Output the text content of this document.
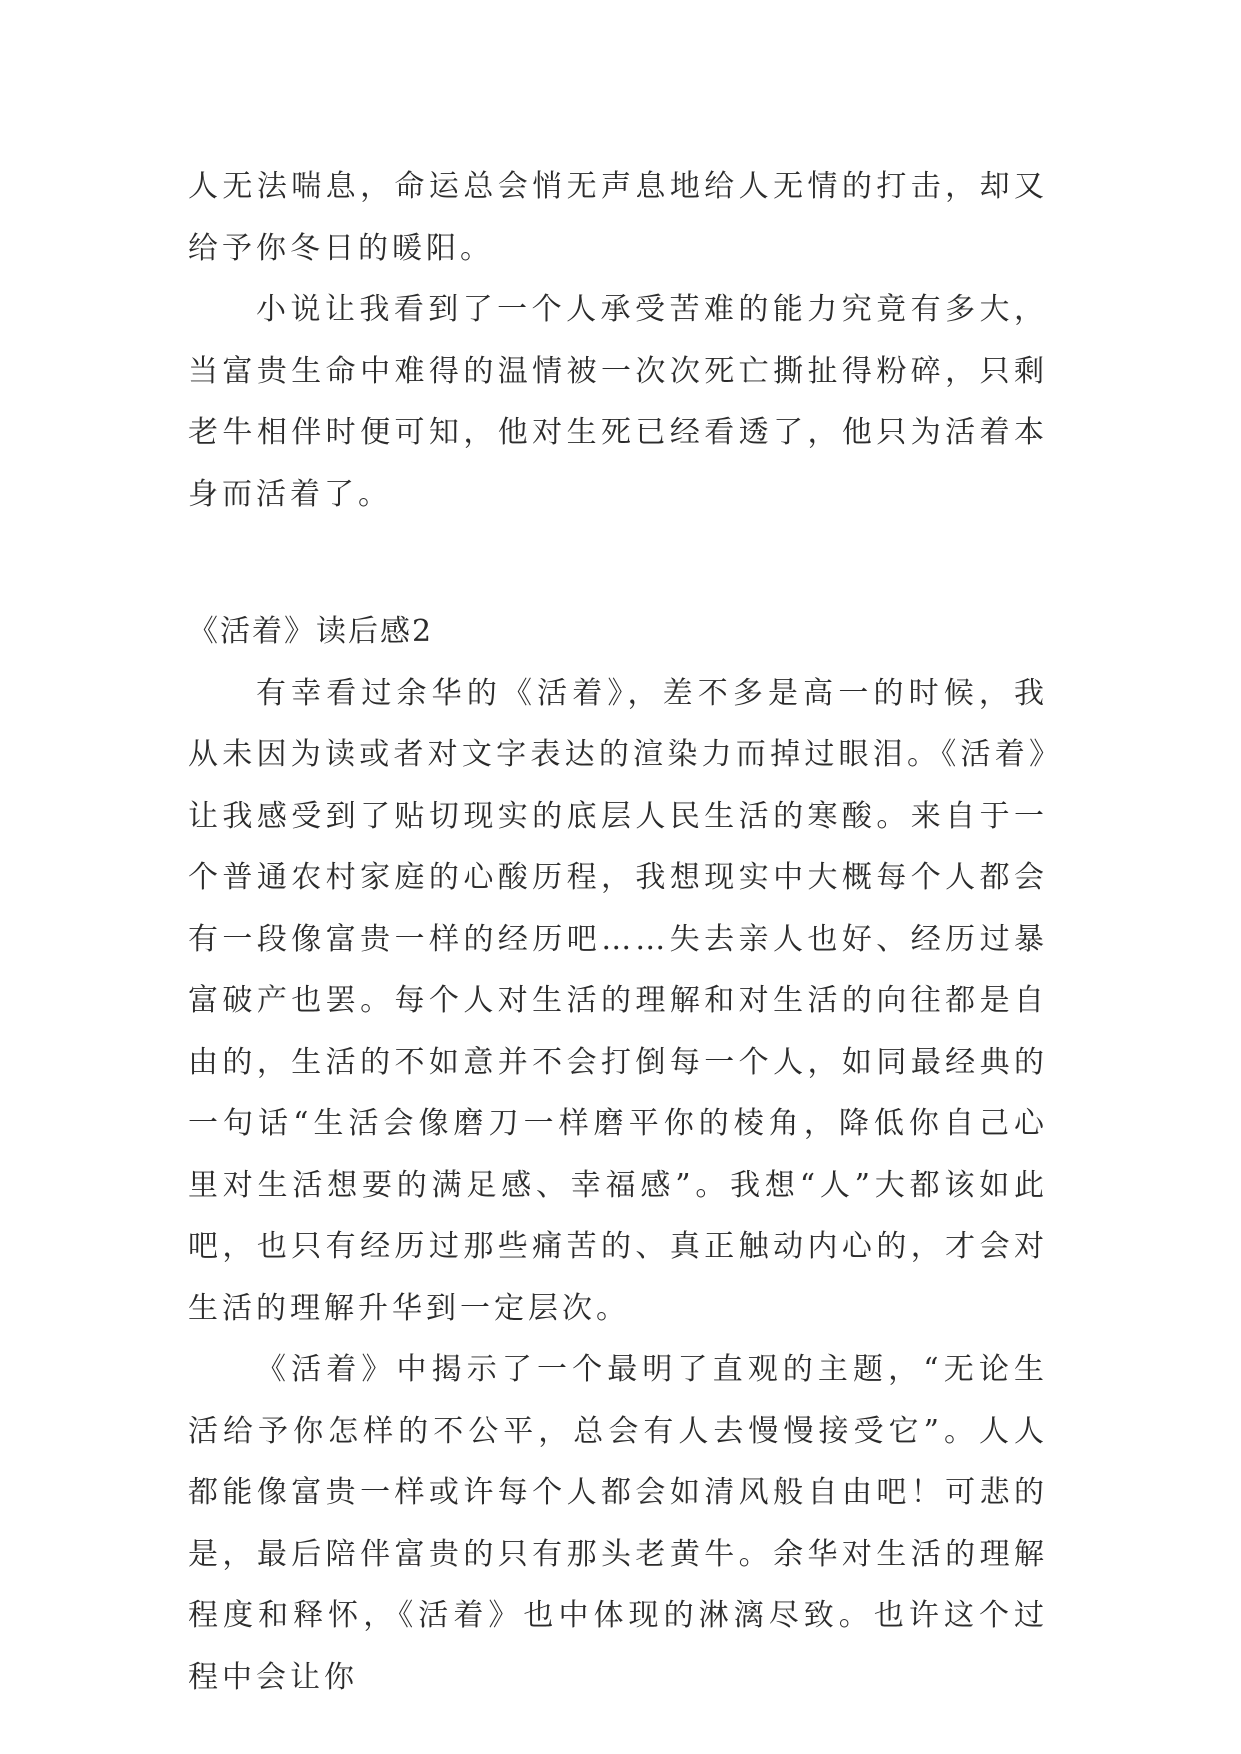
人无法喘息，命运总会悄无声息地给人无情的打击，却又给予你冬日的暖阳。

小说让我看到了一个人承受苦难的能力究竟有多大，当富贵生命中难得的温情被一次次死亡撕扯得粉碎，只剩老牛相伴时便可知，他对生死已经看透了，他只为活着本身而活着了。

《活着》读后感2

有幸看过余华的《活着》，差不多是高一的时候，我从未因为读或者对文字表达的渲染力而掉过眼泪。《活着》让我感受到了贴切现实的底层人民生活的寒酸。来自于一个普通农村家庭的心酸历程，我想现实中大概每个人都会有一段像富贵一样的经历吧……失去亲人也好、经历过暴富破产也罢。每个人对生活的理解和对生活的向往都是自由的，生活的不如意并不会打倒每一个人，如同最经典的一句话“生活会像磨刀一样磨平你的棱角，降低你自己心里对生活想要的满足感、幸福感”。我想“人”大都该如此吧，也只有经历过那些痛苦的、真正触动内心的，才会对生活的理解升华到一定层次。

《活着》中揭示了一个最明了直观的主题，“无论生活给予你怎样的不公平，总会有人去慢慢接受它”。人人都能像富贵一样或许每个人都会如清风般自由吧！可悲的是，最后陪伴富贵的只有那头老黄牛。余华对生活的理解程度和释怀，《活着》也中体现的淋漓尽致。也许这个过程中会让你
